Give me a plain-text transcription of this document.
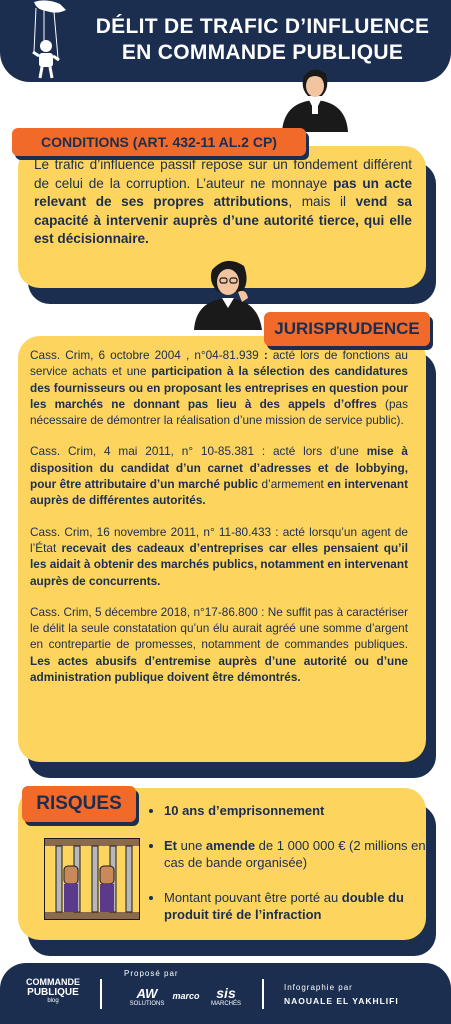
DÉLIT DE TRAFIC D’INFLUENCE
EN COMMANDE PUBLIQUE
CONDITIONS (ART. 432-11 AL.2 CP)
Le trafic d’influence passif repose sur un fondement différent de celui de la corruption. L’auteur ne monnaye pas un acte relevant de ses propres attributions, mais il vend sa capacité à intervenir auprès d’une autorité tierce, qui elle est décisionnaire.
JURISPRUDENCE

Cass. Crim, 6 octobre 2004 , n°04-81.939 : acté lors de fonctions au service achats et une participation à la sélection des candidatures des fournisseurs ou en proposant les entreprises en question pour les marchés ne donnant pas lieu à des appels d’offres (pas nécessaire de démontrer la réalisation d’une mission de service public).

Cass. Crim, 4 mai 2011, n° 10-85.381 : acté lors d’une mise à disposition du candidat d’un carnet d’adresses et de lobbying, pour être attributaire d’un marché public d’armement en intervenant auprès de différentes autorités.

Cass. Crim, 16 novembre 2011, n° 11-80.433 : acté lorsqu’un agent de l’État recevait des cadeaux d’entreprises car elles pensaient qu’il les aidait à obtenir des marchés publics, notamment en intervenant auprès de concurrents.

Cass. Crim, 5 décembre 2018, n°17-86.800 : Ne suffit pas à caractériser le délit la seule constatation qu’un élu aurait agréé une somme d’argent en contrepartie de promesses, notamment de commandes publiques. Les actes abusifs d’entremise auprès d’une autorité ou d’une administration publique doivent être démontrés.

RISQUES
•	10 ans d’emprisonnement
• Et une amende de 1 000 000 € (2 millions en cas de bande organisée)
• Montant pouvant être porté au double du produit tiré de l’infraction
COMMANDE
PUBLIQUE
blog
Proposé par
AW
SOLUTIONS
marco	sis
MARCHÉS
Infographie par
NAOUALE EL YAKHLIFI
